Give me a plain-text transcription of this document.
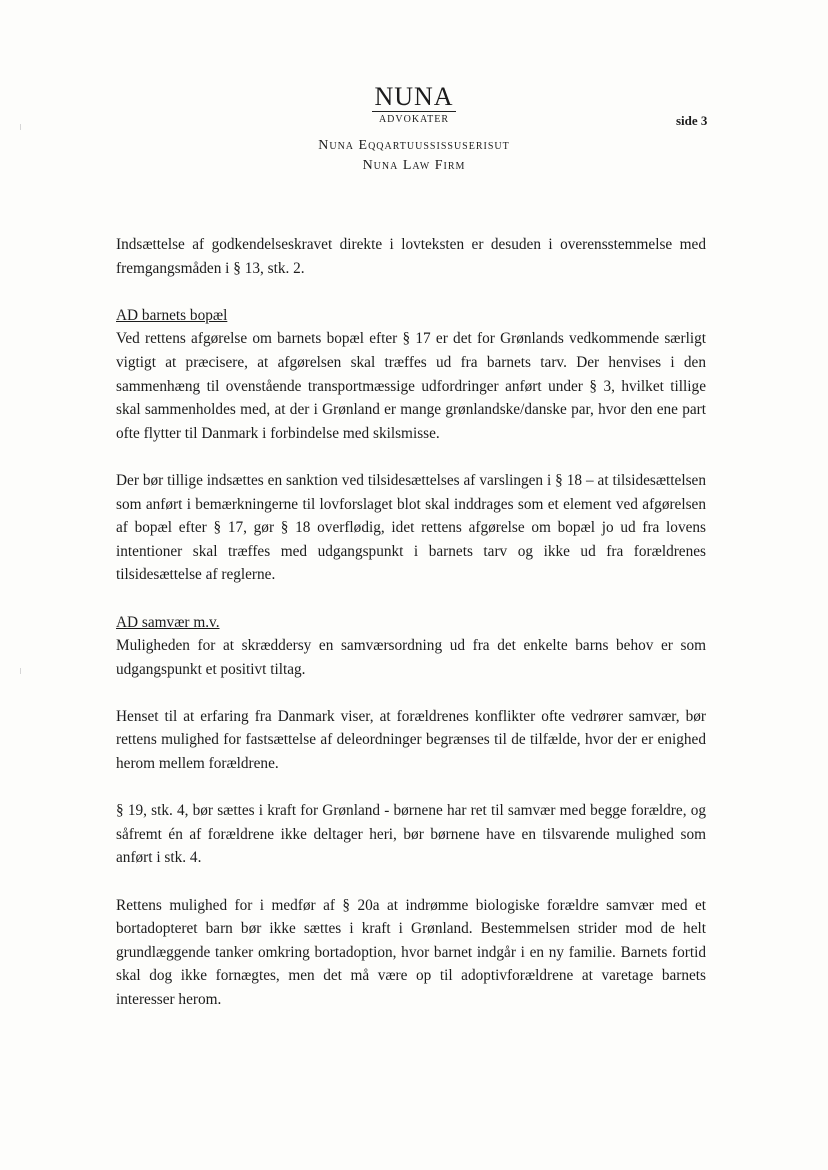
NUNA
ADVOKATER
Nuna Eqqartuussissuserisut
Nuna Law Firm
side 3

Indsættelse af godkendelseskravet direkte i lovteksten er desuden i overensstemmelse med fremgangsmåden i § 13, stk. 2.

AD barnets bopæl

Ved rettens afgørelse om barnets bopæl efter § 17 er det for Grønlands vedkommende særligt vigtigt at præcisere, at afgørelsen skal træffes ud fra barnets tarv. Der henvises i den sammenhæng til ovenstående transportmæssige udfordringer anført under § 3, hvilket tillige skal sammenholdes med, at der i Grønland er mange grønlandske/danske par, hvor den ene part ofte flytter til Danmark i forbindelse med skilsmisse.

Der bør tillige indsættes en sanktion ved tilsidesættelses af varslingen i § 18 – at tilsidesættelsen som anført i bemærkningerne til lovforslaget blot skal inddrages som et element ved afgørelsen af bopæl efter § 17, gør § 18 overflødig, idet rettens afgørelse om bopæl jo ud fra lovens intentioner skal træffes med udgangspunkt i barnets tarv og ikke ud fra forældrenes tilsidesættelse af reglerne.

AD samvær m.v.

Muligheden for at skræddersy en samværsordning ud fra det enkelte barns behov er som udgangspunkt et positivt tiltag.

Henset til at erfaring fra Danmark viser, at forældrenes konflikter ofte vedrører samvær, bør rettens mulighed for fastsættelse af deleordninger begrænses til de tilfælde, hvor der er enighed herom mellem forældrene.

§ 19, stk. 4, bør sættes i kraft for Grønland - børnene har ret til samvær med begge forældre, og såfremt én af forældrene ikke deltager heri, bør børnene have en tilsvarende mulighed som anført i stk. 4.

Rettens mulighed for i medfør af § 20a at indrømme biologiske forældre samvær med et bortadopteret barn bør ikke sættes i kraft i Grønland. Bestemmelsen strider mod de helt grundlæggende tanker omkring bortadoption, hvor barnet indgår i en ny familie. Barnets fortid skal dog ikke fornægtes, men det må være op til adoptivforældrene at varetage barnets interesser herom.
